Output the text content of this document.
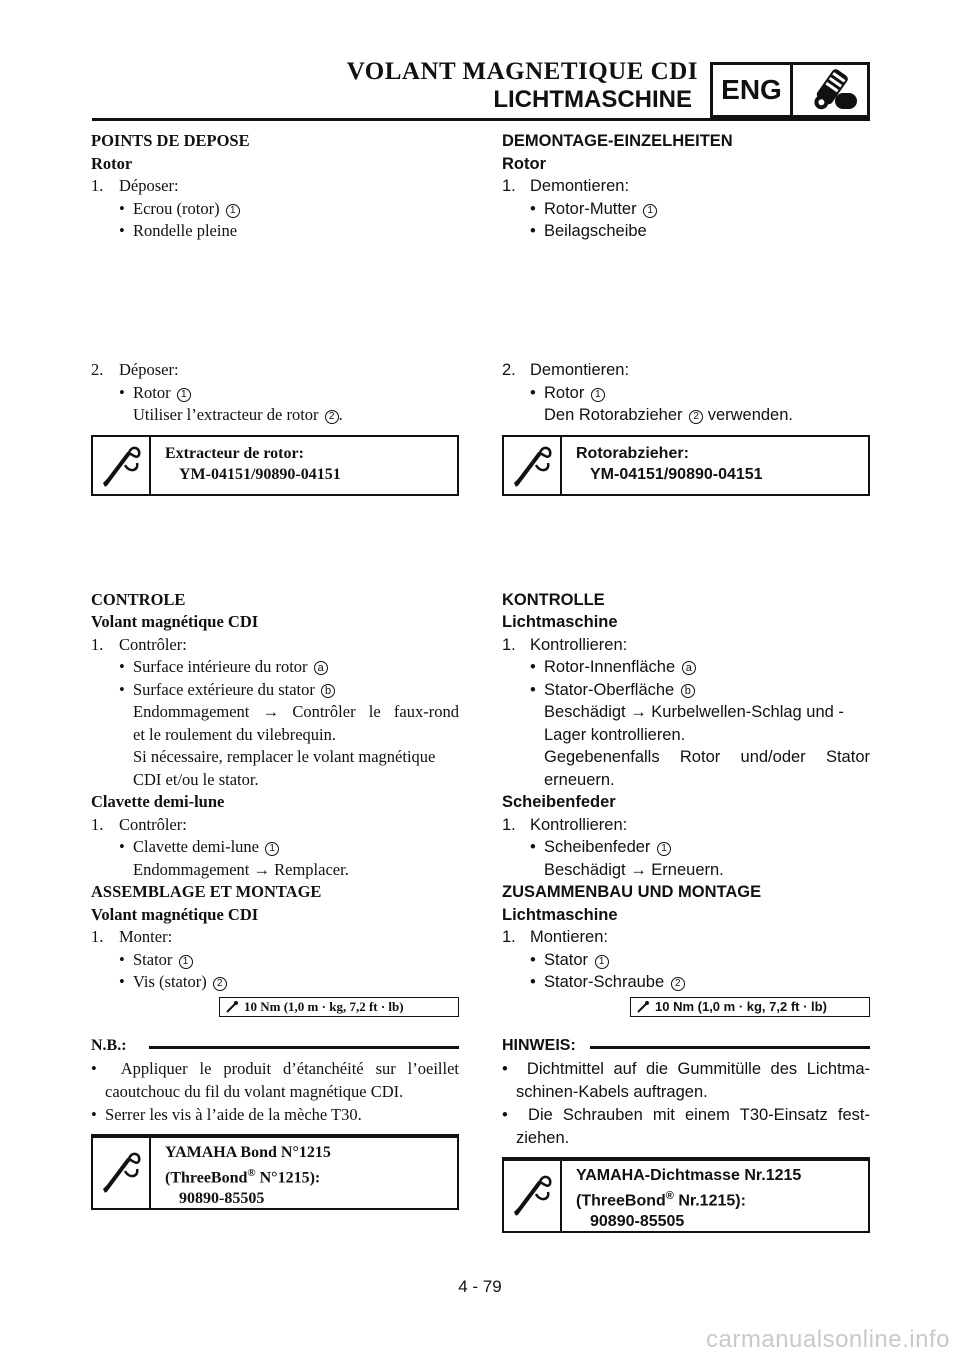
VOLANT MAGNETIQUE CDI
LICHTMASCHINE ENG
POINTS DE DEPOSE
Rotor
1. Déposer:
• Ecrou (rotor) 1
• Rondelle pleine
2. Déposer:
• Rotor 1
Utiliser l’extracteur de rotor 2 .
Extracteur de rotor:
YM-04151/90890-04151
CONTROLE
Volant magnétique CDI
1. Contrôler:
• Surface intérieure du rotor a
• Surface extérieure du stator b
Endommagement → Contrôler le faux-rond
et le roulement du vilebrequin.
Si nécessaire, remplacer le volant magnétique
CDI et/ou le stator.
Clavette demi-lune
1. Contrôler:
• Clavette demi-lune 1
Endommagement → Remplacer.
ASSEMBLAGE ET MONTAGE
Volant magnétique CDI
1. Monter:
• Stator 1
• Vis (stator) 2
10 Nm (1,0 m · kg, 7,2 ft · lb)
N.B.:
• Appliquer le produit d’étanchéité sur l’oeillet caoutchouc du fil du volant magnétique CDI.
• Serrer les vis à l’aide de la mèche T30.
YAMAHA Bond N°1215
(ThreeBond® N°1215):
90890-85505
DEMONTAGE-EINZELHEITEN
Rotor
1. Demontieren:
• Rotor-Mutter 1
• Beilagscheibe
2. Demontieren:
• Rotor 1
Den Rotorabzieher 2 verwenden.
Rotorabzieher:
YM-04151/90890-04151
KONTROLLE
Lichtmaschine
1. Kontrollieren:
• Rotor-Innenfläche a
• Stator-Oberfläche b
Beschädigt → Kurbelwellen-Schlag und -
Lager kontrollieren.
Gegebenenfalls Rotor und/oder Stator
erneuern.
Scheibenfeder
1. Kontrollieren:
• Scheibenfeder 1
Beschädigt → Erneuern.
ZUSAMMENBAU UND MONTAGE
Lichtmaschine
1. Montieren:
• Stator 1
• Stator-Schraube 2
10 Nm (1,0 m · kg, 7,2 ft · lb)
HINWEIS:
• Dichtmittel auf die Gummitülle des Lichtma-schinen-Kabels auftragen.
• Die Schrauben mit einem T30-Einsatz fest-ziehen.
YAMAHA-Dichtmasse Nr.1215
(ThreeBond® Nr.1215):
90890-85505
4 - 79
carmanualsonline.info
